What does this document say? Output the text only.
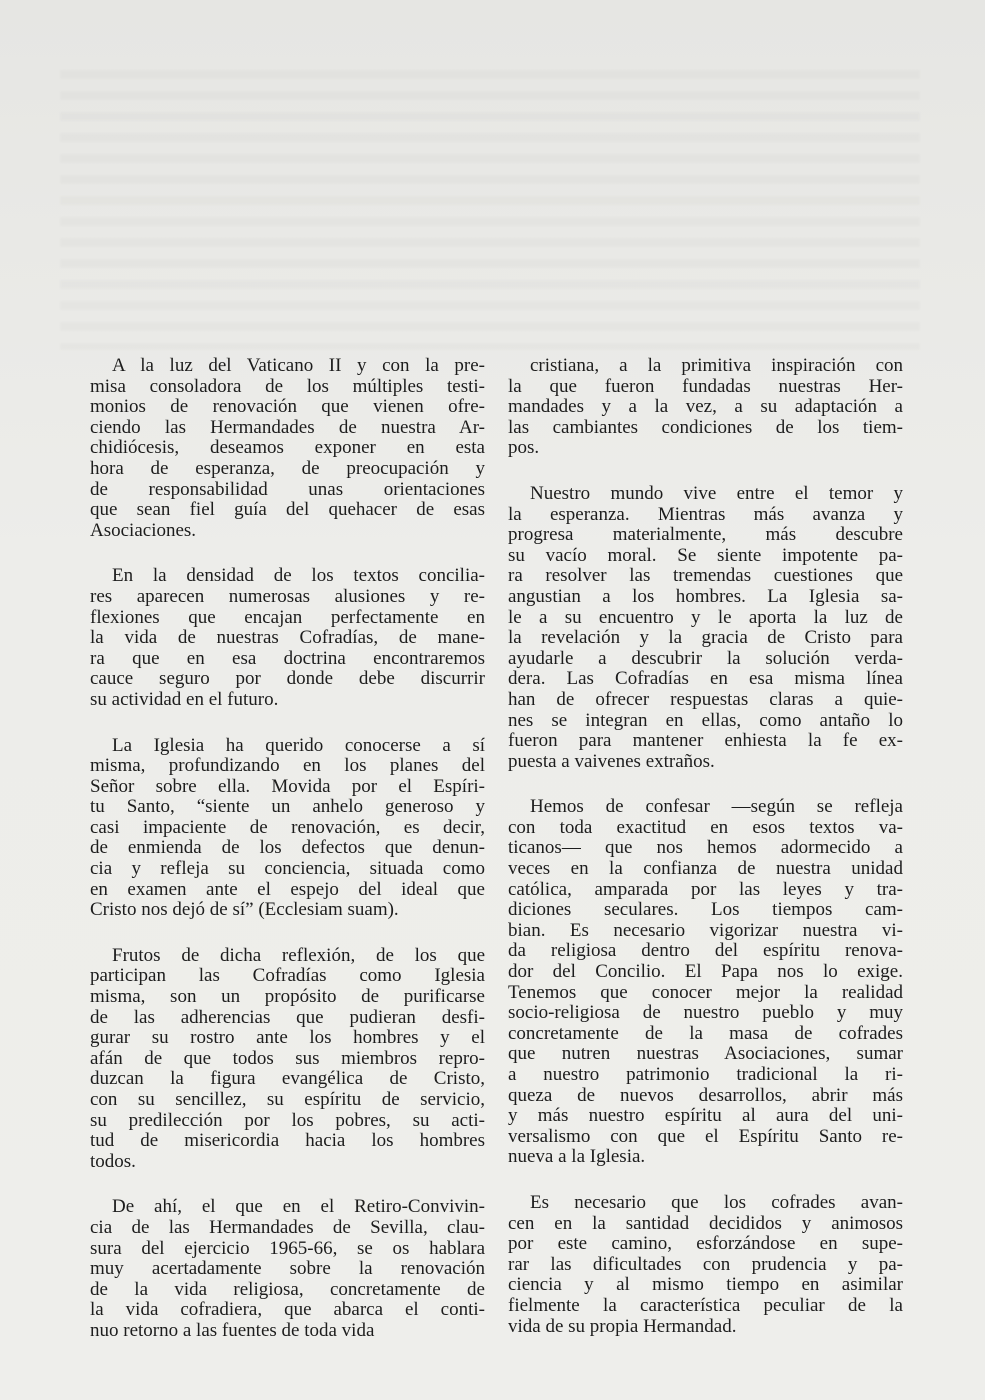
A la luz del Vaticano II y con la pre-
misa consoladora de los múltiples testi-
monios de renovación que vienen ofre-
ciendo las Hermandades de nuestra Ar-
chidiócesis, deseamos exponer en esta
hora de esperanza, de preocupación y
de responsabilidad unas orientaciones
que sean fiel guía del quehacer de esas
Asociaciones.
En la densidad de los textos concilia-
res aparecen numerosas alusiones y re-
flexiones que encajan perfectamente en
la vida de nuestras Cofradías, de mane-
ra que en esa doctrina encontraremos
cauce seguro por donde debe discurrir
su actividad en el futuro.
La Iglesia ha querido conocerse a sí
misma, profundizando en los planes del
Señor sobre ella. Movida por el Espíri-
tu Santo, “siente un anhelo generoso y
casi impaciente de renovación, es decir,
de enmienda de los defectos que denun-
cia y refleja su conciencia, situada como
en examen ante el espejo del ideal que
Cristo nos dejó de sí” (Ecclesiam suam).
Frutos de dicha reflexión, de los que
participan las Cofradías como Iglesia
misma, son un propósito de purificarse
de las adherencias que pudieran desfi-
gurar su rostro ante los hombres y el
afán de que todos sus miembros repro-
duzcan la figura evangélica de Cristo,
con su sencillez, su espíritu de servicio,
su predilección por los pobres, su acti-
tud de misericordia hacia los hombres
todos.
De ahí, el que en el Retiro-Convivin-
cia de las Hermandades de Sevilla, clau-
sura del ejercicio 1965-66, se os hablara
muy acertadamente sobre la renovación
de la vida religiosa, concretamente de
la vida cofradiera, que abarca el conti-
nuo retorno a las fuentes de toda vida
cristiana, a la primitiva inspiración con
la que fueron fundadas nuestras Her-
mandades y a la vez, a su adaptación a
las cambiantes condiciones de los tiem-
pos.
Nuestro mundo vive entre el temor y
la esperanza. Mientras más avanza y
progresa materialmente, más descubre
su vacío moral. Se siente impotente pa-
ra resolver las tremendas cuestiones que
angustian a los hombres. La Iglesia sa-
le a su encuentro y le aporta la luz de
la revelación y la gracia de Cristo para
ayudarle a descubrir la solución verda-
dera. Las Cofradías en esa misma línea
han de ofrecer respuestas claras a quie-
nes se integran en ellas, como antaño lo
fueron para mantener enhiesta la fe ex-
puesta a vaivenes extraños.
Hemos de confesar —según se refleja
con toda exactitud en esos textos va-
ticanos— que nos hemos adormecido a
veces en la confianza de nuestra unidad
católica, amparada por las leyes y tra-
diciones seculares. Los tiempos cam-
bian. Es necesario vigorizar nuestra vi-
da religiosa dentro del espíritu renova-
dor del Concilio. El Papa nos lo exige.
Tenemos que conocer mejor la realidad
socio-religiosa de nuestro pueblo y muy
concretamente de la masa de cofrades
que nutren nuestras Asociaciones, sumar
a nuestro patrimonio tradicional la ri-
queza de nuevos desarrollos, abrir más
y más nuestro espíritu al aura del uni-
versalismo con que el Espíritu Santo re-
nueva a la Iglesia.
Es necesario que los cofrades avan-
cen en la santidad decididos y animosos
por este camino, esforzándose en supe-
rar las dificultades con prudencia y pa-
ciencia y al mismo tiempo en asimilar
fielmente la característica peculiar de la
vida de su propia Hermandad.
